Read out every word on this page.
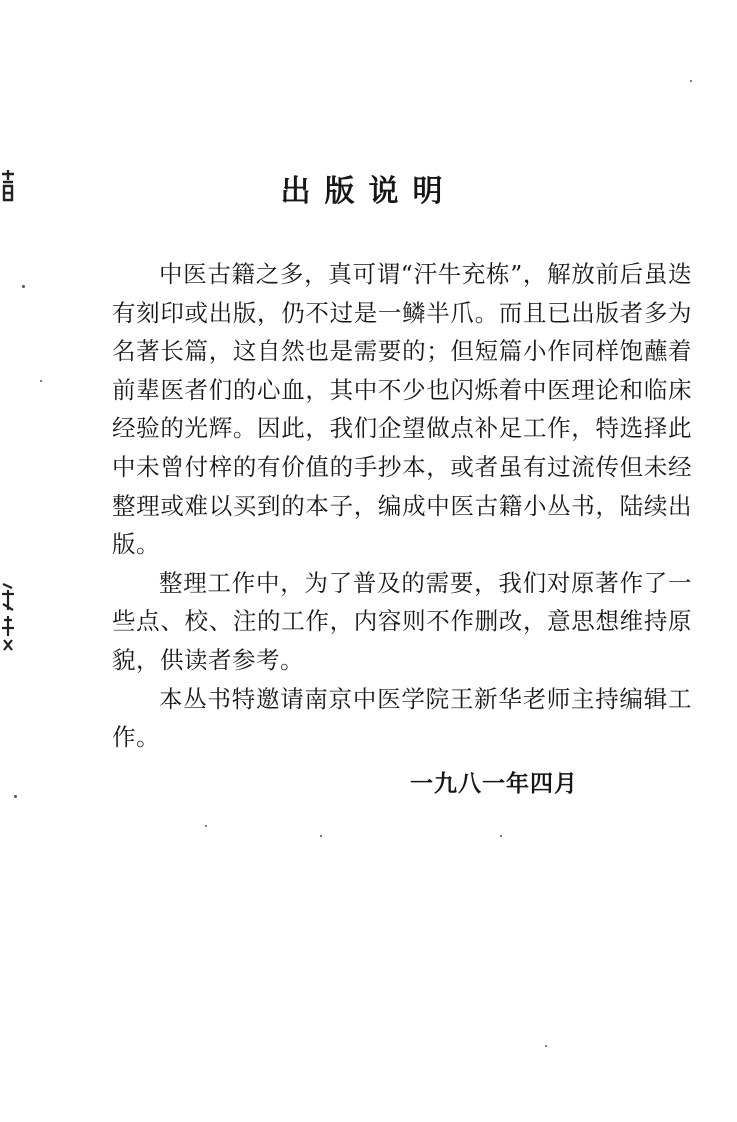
出版说明

中医古籍之多，真可谓“汗牛充栋”，解放前后虽迭有刻印或出版，仍不过是一鳞半爪。而且已出版者多为名著长篇，这自然也是需要的；但短篇小作同样饱蘸着前辈医者们的心血，其中不少也闪烁着中医理论和临床经验的光辉。因此，我们企望做点补足工作，特选择此中未曾付梓的有价值的手抄本，或者虽有过流传但未经整理或难以买到的本子，编成中医古籍小丛书，陆续出版。

整理工作中，为了普及的需要，我们对原著作了一些点、校、注的工作，内容则不作删改，意思想维持原貌，供读者参考。

本丛书特邀请南京中医学院王新华老师主持编辑工作。

一九八一年四月
